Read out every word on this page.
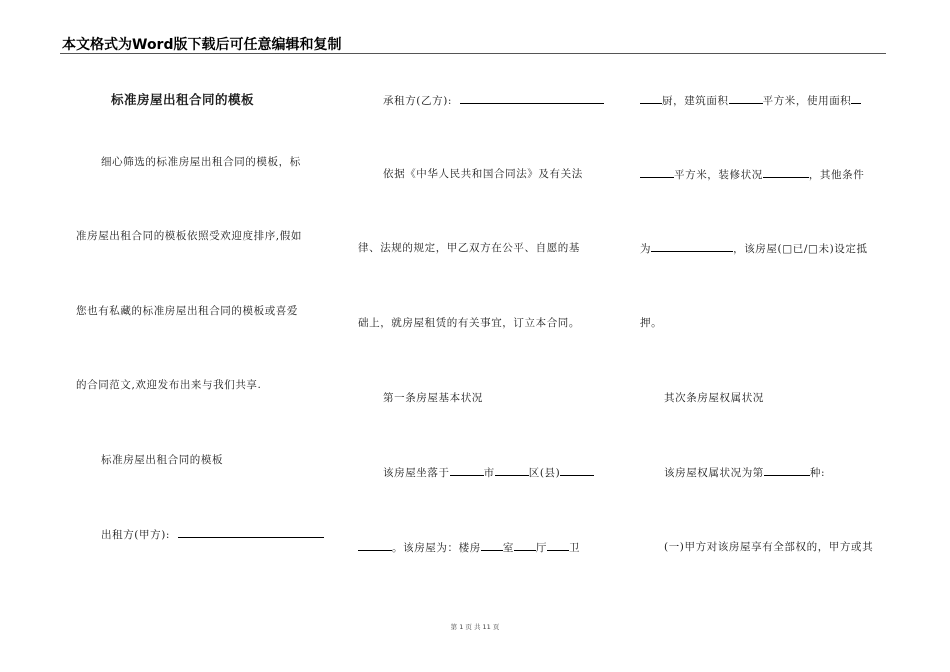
本文格式为Word版下载后可任意编辑和复制
标准房屋出租合同的模板
细心筛选的标准房屋出租合同的模板，标
准房屋出租合同的模板依照受欢迎度排序,假如
您也有私藏的标准房屋出租合同的模板或喜爱
的合同范文,欢迎发布出来与我们共享.
标准房屋出租合同的模板
出租方(甲方):
承租方(乙方):
依据《中华人民共和国合同法》及有关法
律、法规的规定，甲乙双方在公平、自愿的基
础上，就房屋租赁的有关事宜，订立本合同。
第一条房屋基本状况
该房屋坐落于	市	区(县)
。该房屋为：楼房 室 厅 卫
厨，建筑面积	平方米，使用面积
平方米，装修状况	，其他条件
为	，该房屋(□已/□未)设定抵
押。
其次条房屋权属状况
该房屋权属状况为第	种:
(一)甲方对该房屋享有全部权的，甲方或其
第 1 页 共 11 页
